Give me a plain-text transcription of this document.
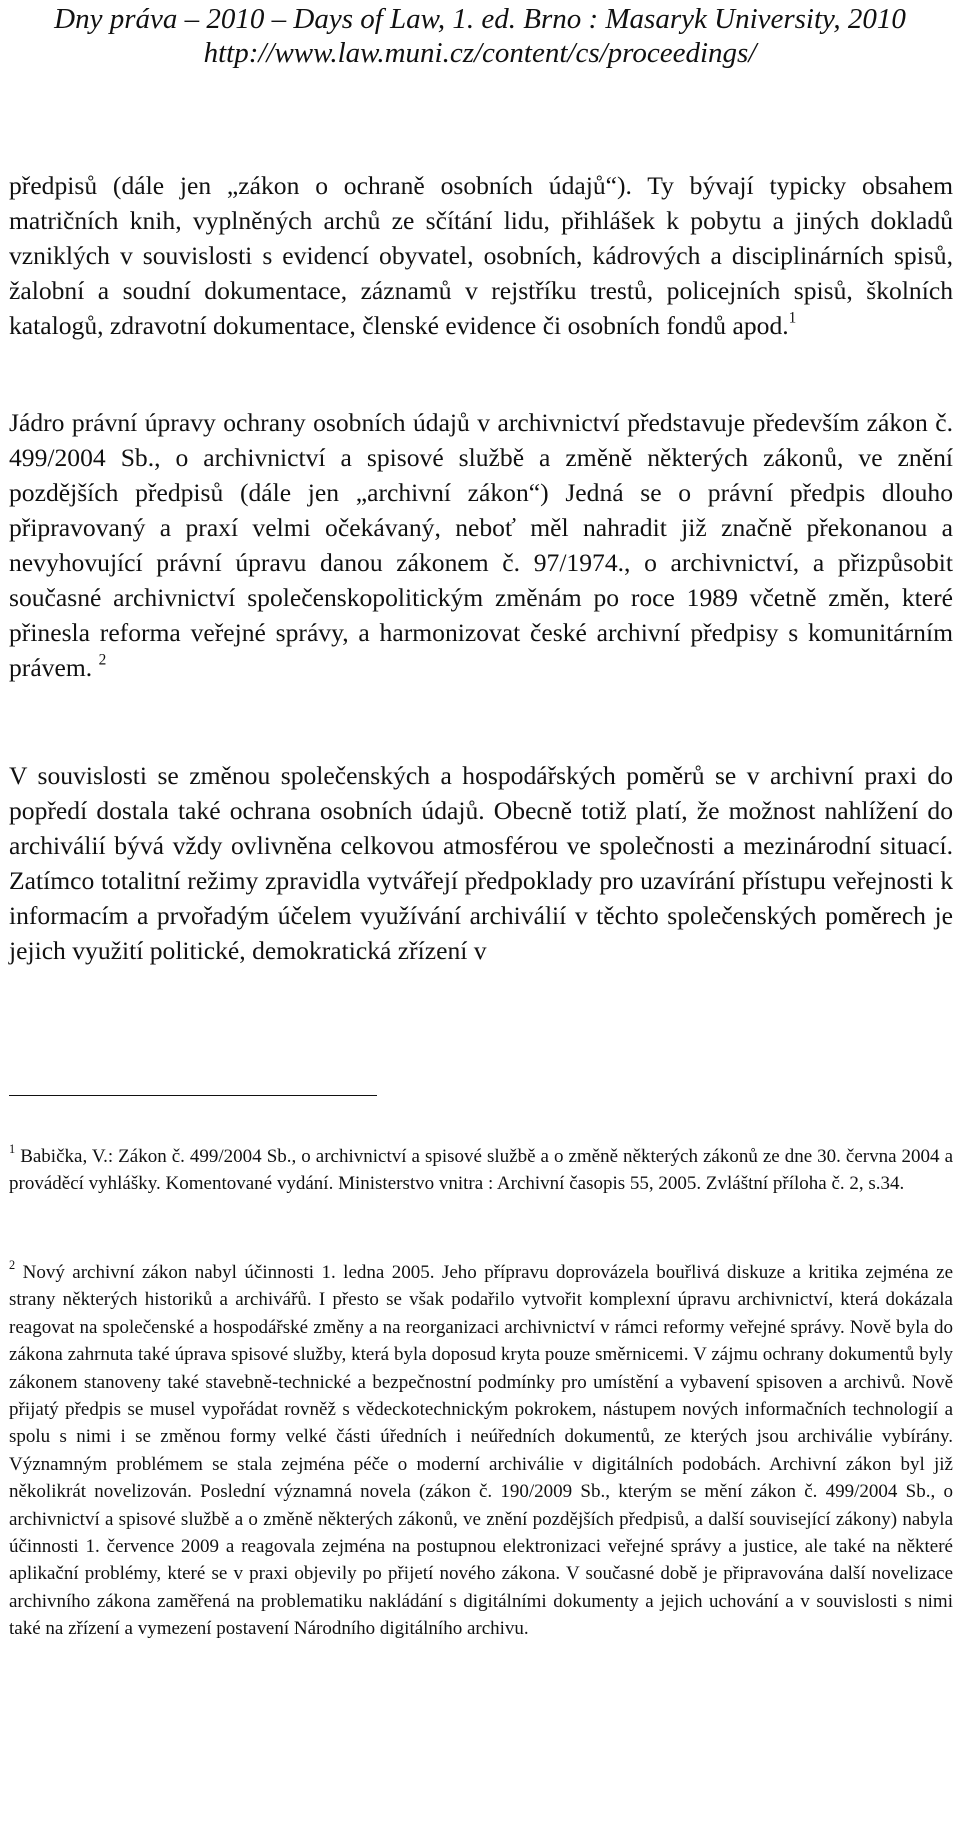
Dny práva – 2010 – Days of Law, 1. ed. Brno : Masaryk University, 2010
http://www.law.muni.cz/content/cs/proceedings/
předpisů (dále jen „zákon o ochraně osobních údajů“). Ty bývají typicky obsahem matričních knih, vyplněných archů ze sčítání lidu, přihlášek k pobytu a jiných dokladů vzniklých v souvislosti s evidencí obyvatel, osobních, kádrových a disciplinárních spisů, žalobní a soudní dokumentace, záznamů v rejstříku trestů, policejních spisů, školních katalogů, zdravotní dokumentace, členské evidence či osobních fondů apod.$^1$
Jádro právní úpravy ochrany osobních údajů v archivnictví představuje především zákon č. 499/2004 Sb., o archivnictví a spisové službě a změně některých zákonů, ve znění pozdějších předpisů (dále jen „archivní zákon“) Jedná se o právní předpis dlouho připravovaný a praxí velmi očekávaný, neboť měl nahradit již značně překonanou a nevyhovující právní úpravu danou zákonem č. 97/1974., o archivnictví, a přizpůsobit současné archivnictví společenskopolitickým změnám po roce 1989 včetně změn, které přinesla reforma veřejné správy, a harmonizovat české archivní předpisy s komunitárním právem. $^2$
V souvislosti se změnou společenských a hospodářských poměrů se v archivní praxi do popředí dostala také ochrana osobních údajů. Obecně totiž platí, že možnost nahlížení do archiválií bývá vždy ovlivněna celkovou atmosférou ve společnosti a mezinárodní situací. Zatímco totalitní režimy zpravidla vytvářejí předpoklady pro uzavírání přístupu veřejnosti k informacím a prvořadým účelem využívání archiválií v těchto společenských poměrech je jejich využití politické, demokratická zřízení v
$^1$ Babička, V.: Zákon č. 499/2004 Sb., o archivnictví a spisové službě a o změně některých zákonů ze dne 30. června 2004 a prováděcí vyhlášky. Komentované vydání. Ministerstvo vnitra : Archivní časopis 55, 2005. Zvláštní příloha č. 2, s.34.
$^2$ Nový archivní zákon nabyl účinnosti 1. ledna 2005. Jeho přípravu doprovázela bouřlivá diskuze a kritika zejména ze strany některých historiků a archivářů. I přesto se však podařilo vytvořit komplexní úpravu archivnictví, která dokázala reagovat na společenské a hospodářské změny a na reorganizaci archivnictví v rámci reformy veřejné správy. Nově byla do zákona zahrnuta také úprava spisové služby, která byla doposud kryta pouze směrnicemi. V zájmu ochrany dokumentů byly zákonem stanoveny také stavebně-technické a bezpečnostní podmínky pro umístění a vybavení spisoven a archivů. Nově přijatý předpis se musel vypořádat rovněž s vědeckotechnickým pokrokem, nástupem nových informačních technologií a spolu s nimi i se změnou formy velké části úředních i neúředních dokumentů, ze kterých jsou archiválie vybírány. Významným problémem se stala zejména péče o moderní archiválie v digitálních podobách. Archivní zákon byl již několikrát novelizován. Poslední významná novela (zákon č. 190/2009 Sb., kterým se mění zákon č. 499/2004 Sb., o archivnictví a spisové službě a o změně některých zákonů, ve znění pozdějších předpisů, a další související zákony) nabyla účinnosti 1. července 2009 a reagovala zejména na postupnou elektronizaci veřejné správy a justice, ale také na některé aplikační problémy, které se v praxi objevily po přijetí nového zákona. V současné době je připravována další novelizace archivního zákona zaměřená na problematiku nakládání s digitálními dokumenty a jejich uchování a v souvislosti s nimi také na zřízení a vymezení postavení Národního digitálního archivu.
